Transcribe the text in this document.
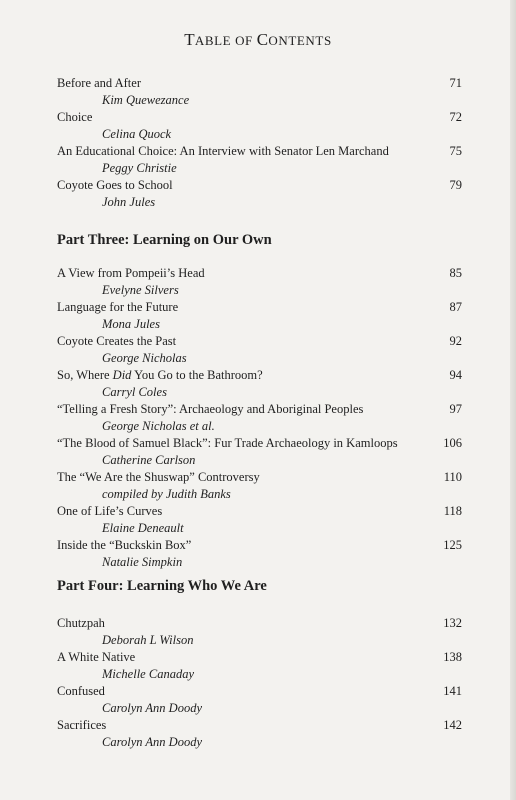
TABLE OF CONTENTS
Before and After	71
Kim Quewezance
Choice	72
Celina Quock
An Educational Choice: An Interview with Senator Len Marchand	75
Peggy Christie
Coyote Goes to School	79
John Jules
Part Three: Learning on Our Own
A View from Pompeii’s Head	85
Evelyne Silvers
Language for the Future	87
Mona Jules
Coyote Creates the Past	92
George Nicholas
So, Where Did You Go to the Bathroom?	94
Carryl Coles
“Telling a Fresh Story”: Archaeology and Aboriginal Peoples	97
George Nicholas et al.
“The Blood of Samuel Black”: Fur Trade Archaeology in Kamloops	106
Catherine Carlson
The “We Are the Shuswap” Controversy	110
compiled by Judith Banks
One of Life’s Curves	118
Elaine Deneault
Inside the “Buckskin Box”	125
Natalie Simpkin
Part Four: Learning Who We Are
Chutzpah	132
Deborah L Wilson
A White Native	138
Michelle Canaday
Confused	141
Carolyn Ann Doody
Sacrifices	142
Carolyn Ann Doody
